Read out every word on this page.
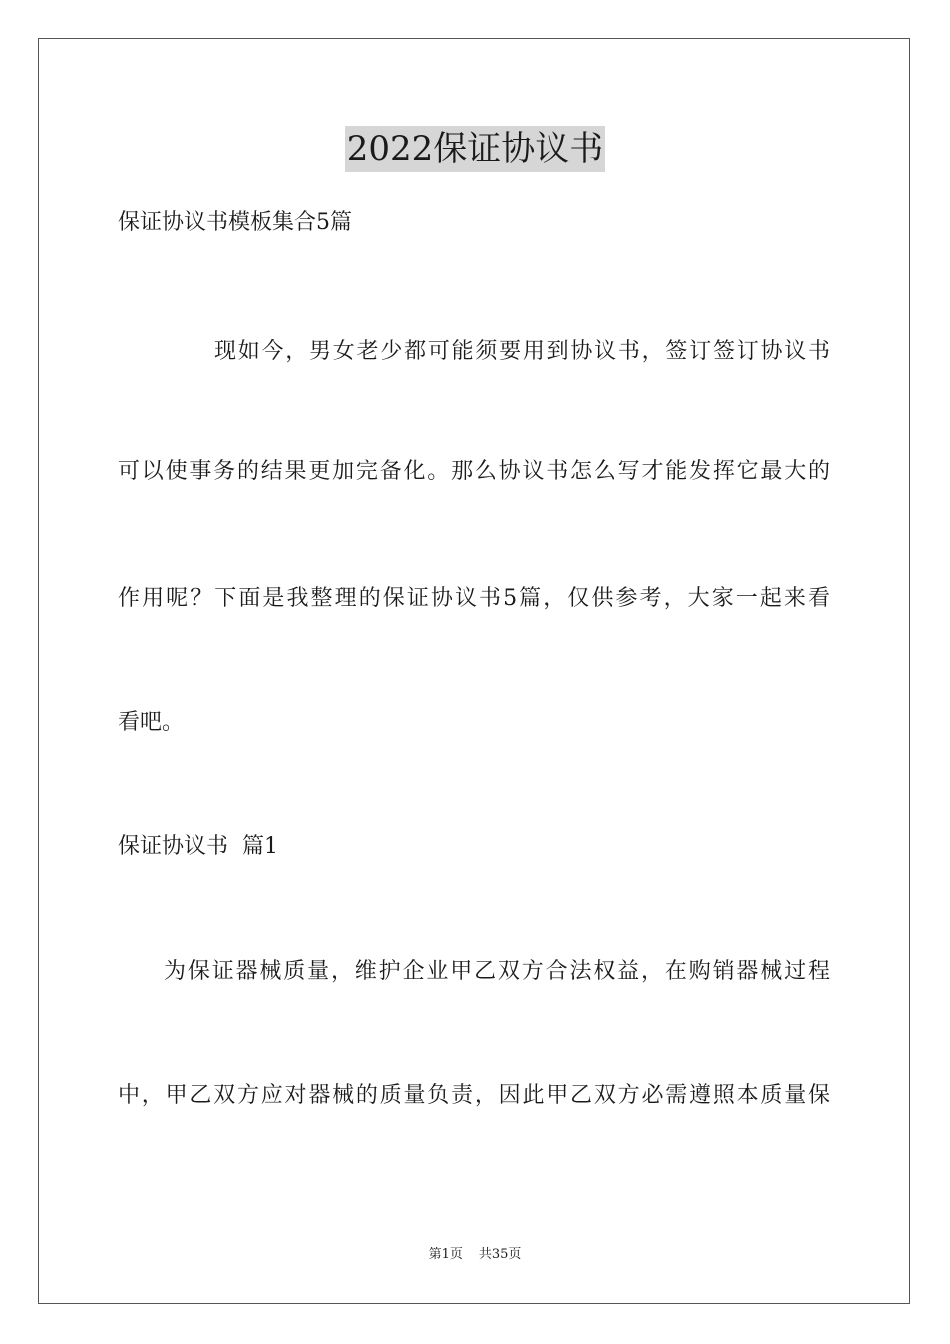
2022保证协议书
保证协议书模板集合5篇
现如今，男女老少都可能须要用到协议书，签订签订协议书
可以使事务的结果更加完备化。那么协议书怎么写才能发挥它最大的
作用呢？下面是我整理的保证协议书5篇，仅供参考，大家一起来看
看吧。
保证协议书  篇1
为保证器械质量，维护企业甲乙双方合法权益，在购销器械过程
中，甲乙双方应对器械的质量负责，因此甲乙双方必需遵照本质量保
第1页 共35页
